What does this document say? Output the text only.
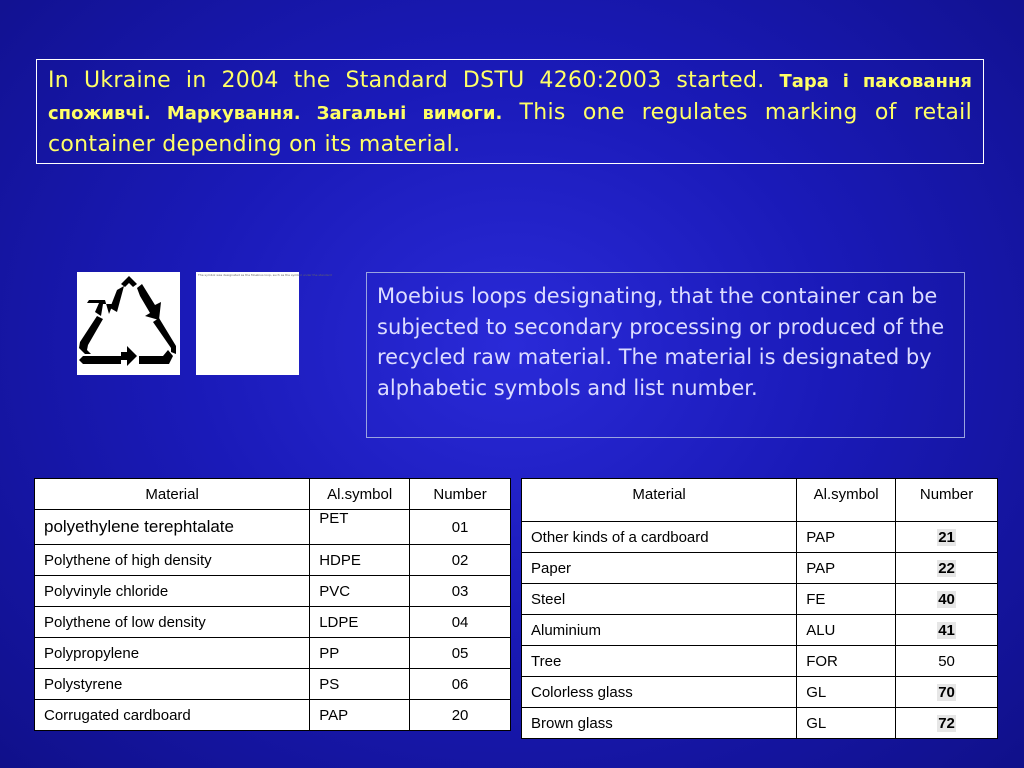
In Ukraine in 2004 the Standard DSTU 4260:2003 started. Тара і паковання споживчі. Маркування. Загальні вимоги. This one regulates marking of retail container depending on its material.
The symbol was designated as the Moebius loop, such as the symbol under the standard
Moebius loops designating, that the container can be subjected to secondary processing or produced of the recycled raw material. The material is designated by alphabetic symbols and list number.
Material	Al.symbol	Number
polyethylene terephtalate	PET	01
Polythene of high density	HDPE	02
Polyvinyle chloride	PVC	03
Polythene of low density	LDPE	04
Polypropylene	PP	05
Polystyrene	PS	06
Corrugated cardboard	PAP	20
Material	Al.symbol	Number
Other kinds of a cardboard	PAP	21
Paper	PAP	22
Steel	FE	40
Aluminium	ALU	41
Tree	FOR	50
Colorless glass	GL	70
Brown glass	GL	72
